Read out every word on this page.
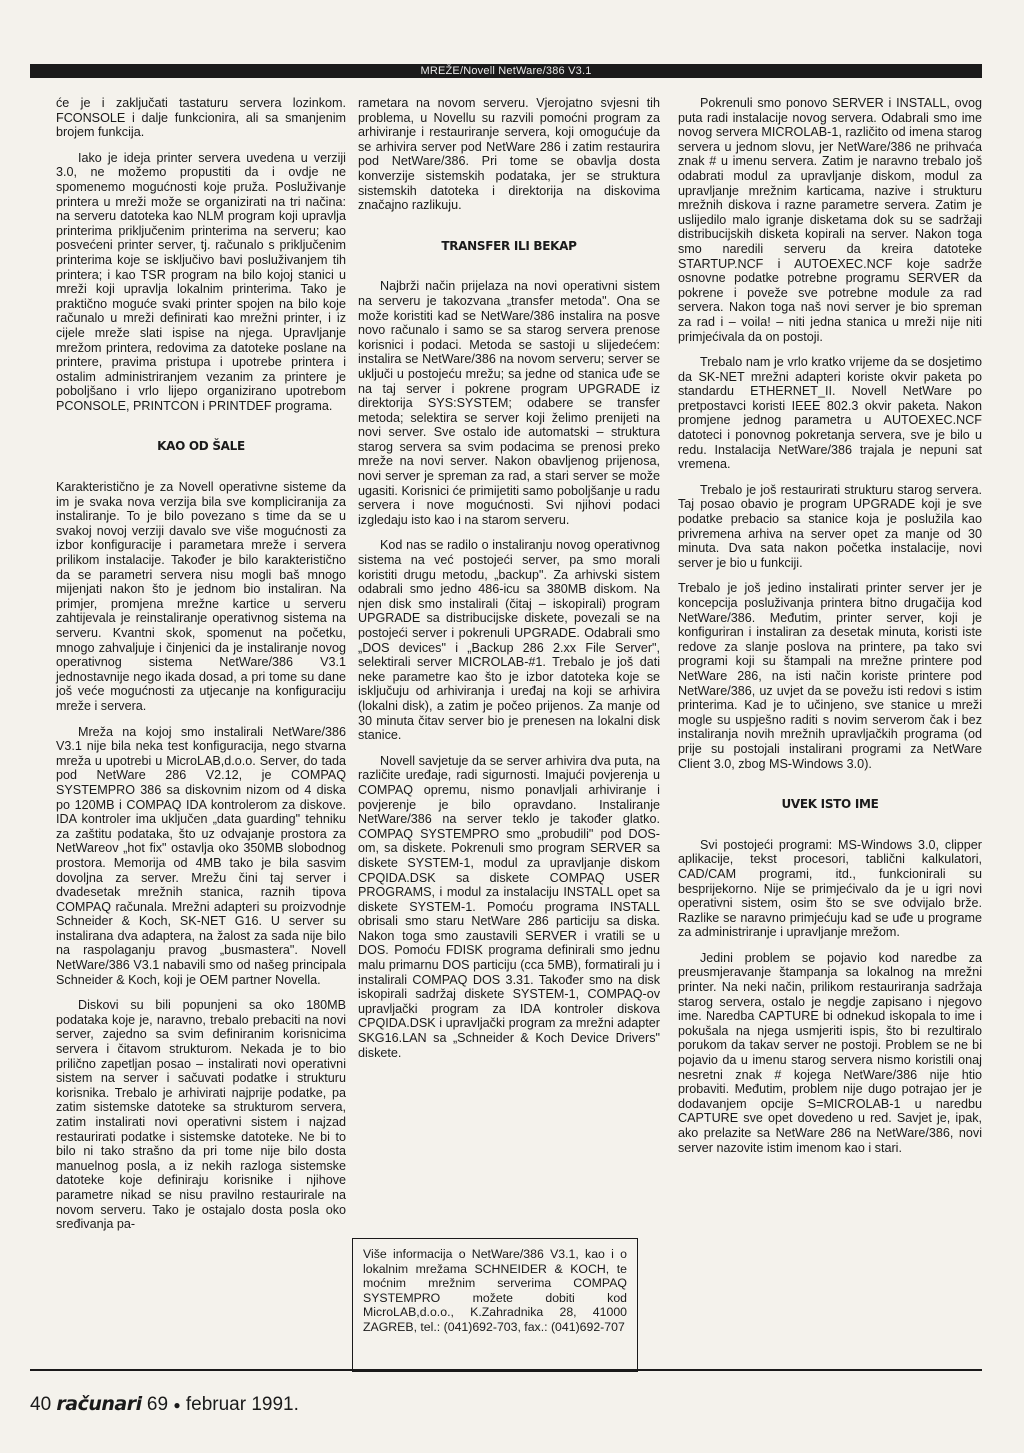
MREŽE/Novell NetWare/386 V3.1

će je i zaključati tastaturu servera lozinkom. FCONSOLE i dalje funkcionira, ali sa smanjenim brojem funkcija.

Iako je ideja printer servera uvedena u verziji 3.0, ne možemo propustiti da i ovdje ne spomenemo mogućnosti koje pruža. Posluživanje printera u mreži može se organizirati na tri načina: na serveru datoteka kao NLM program koji upravlja printerima priključenim printerima na serveru; kao posvećeni printer server, tj. računalo s priključenim printerima koje se isključivo bavi posluživanjem tih printera; i kao TSR program na bilo kojoj stanici u mreži koji upravlja lokalnim printerima. Tako je praktično moguće svaki printer spojen na bilo koje računalo u mreži definirati kao mrežni printer, i iz cijele mreže slati ispise na njega. Upravljanje mrežom printera, redovima za datoteke poslane na printere, pravima pristupa i upotrebe printera i ostalim administriranjem vezanim za printere je poboljšano i vrlo lijepo organizirano upotrebom PCONSOLE, PRINTCON i PRINTDEF programa.

KAO OD ŠALE

Karakteristično je za Novell operativne sisteme da im je svaka nova verzija bila sve kompliciranija za instaliranje. To je bilo povezano s time da se u svakoj novoj verziji davalo sve više mogućnosti za izbor konfiguracije i parametara mreže i servera prilikom instalacije. Također je bilo karakteristično da se parametri servera nisu mogli baš mnogo mijenjati nakon što je jednom bio instaliran. Na primjer, promjena mrežne kartice u serveru zahtijevala je reinstaliranje operativnog sistema na serveru. Kvantni skok, spomenut na početku, mnogo zahvaljuje i činjenici da je instaliranje novog operativnog sistema NetWare/386 V3.1 jednostavnije nego ikada dosad, a pri tome su dane još veće mogućnosti za utjecanje na konfiguraciju mreže i servera.

Mreža na kojoj smo instalirali NetWare/386 V3.1 nije bila neka test konfiguracija, nego stvarna mreža u upotrebi u MicroLAB,d.o.o. Server, do tada pod NetWare 286 V2.12, je COMPAQ SYSTEMPRO 386 sa diskovnim nizom od 4 diska po 120MB i COMPAQ IDA kontrolerom za diskove. IDA kontroler ima uključen „data guarding" tehniku za zaštitu podataka, što uz odvajanje prostora za NetWareov „hot fix" ostavlja oko 350MB slobodnog prostora. Memorija od 4MB tako je bila sasvim dovoljna za server. Mrežu čini taj server i dvadesetak mrežnih stanica, raznih tipova COMPAQ računala. Mrežni adapteri su proizvodnje Schneider & Koch, SK-NET G16. U server su instalirana dva adaptera, na žalost za sada nije bilo na raspolaganju pravog „busmastera". Novell NetWare/386 V3.1 nabavili smo od našeg principala Schneider & Koch, koji je OEM partner Novella.

Diskovi su bili popunjeni sa oko 180MB podataka koje je, naravno, trebalo prebaciti na novi server, zajedno sa svim definiranim korisnicima servera i čitavom strukturom. Nekada je to bio prilično zapetljan posao – instalirati novi operativni sistem na server i sačuvati podatke i strukturu korisnika. Trebalo je arhivirati najprije podatke, pa zatim sistemske datoteke sa strukturom servera, zatim instalirati novi operativni sistem i najzad restaurirati podatke i sistemske datoteke. Ne bi to bilo ni tako strašno da pri tome nije bilo dosta manuelnog posla, a iz nekih razloga sistemske datoteke koje definiraju korisnike i njihove parametre nikad se nisu pravilno restaurirale na novom serveru. Tako je ostajalo dosta posla oko sređivanja pa-

rametara na novom serveru. Vjerojatno svjesni tih problema, u Novellu su razvili pomoćni program za arhiviranje i restauriranje servera, koji omogućuje da se arhivira server pod NetWare 286 i zatim restaurira pod NetWare/386. Pri tome se obavlja dosta konverzije sistemskih podataka, jer se struktura sistemskih datoteka i direktorija na diskovima značajno razlikuju.

TRANSFER ILI BEKAP

Najbrži način prijelaza na novi operativni sistem na serveru je takozvana „transfer metoda". Ona se može koristiti kad se NetWare/386 instalira na posve novo računalo i samo se sa starog servera prenose korisnici i podaci. Metoda se sastoji u slijedećem: instalira se NetWare/386 na novom serveru; server se uključi u postojeću mrežu; sa jedne od stanica uđe se na taj server i pokrene program UPGRADE iz direktorija SYS:SYSTEM; odabere se transfer metoda; selektira se server koji želimo prenijeti na novi server. Sve ostalo ide automatski – struktura starog servera sa svim podacima se prenosi preko mreže na novi server. Nakon obavljenog prijenosa, novi server je spreman za rad, a stari server se može ugasiti. Korisnici će primijetiti samo poboljšanje u radu servera i nove mogućnosti. Svi njihovi podaci izgledaju isto kao i na starom serveru.

Kod nas se radilo o instaliranju novog operativnog sistema na već postojeći server, pa smo morali koristiti drugu metodu, „backup". Za arhivski sistem odabrali smo jedno 486-icu sa 380MB diskom. Na njen disk smo instalirali (čitaj – iskopirali) program UPGRADE sa distribucijske diskete, povezali se na postojeći server i pokrenuli UPGRADE. Odabrali smo „DOS devices" i „Backup 286 2.xx File Server", selektirali server MICROLAB-#1. Trebalo je još dati neke parametre kao što je izbor datoteka koje se isključuju od arhiviranja i uređaj na koji se arhivira (lokalni disk), a zatim je počeo prijenos. Za manje od 30 minuta čitav server bio je prenesen na lokalni disk stanice.

Novell savjetuje da se server arhivira dva puta, na različite uređaje, radi sigurnosti. Imajući povjerenja u COMPAQ opremu, nismo ponavljali arhiviranje i povjerenje je bilo opravdano. Instaliranje NetWare/386 na server teklo je također glatko. COMPAQ SYSTEMPRO smo „probudili" pod DOS-om, sa diskete. Pokrenuli smo program SERVER sa diskete SYSTEM-1, modul za upravljanje diskom CPQIDA.DSK sa diskete COMPAQ USER PROGRAMS, i modul za instalaciju INSTALL opet sa diskete SYSTEM-1. Pomoću programa INSTALL obrisali smo staru NetWare 286 particiju sa diska. Nakon toga smo zaustavili SERVER i vratili se u DOS. Pomoću FDISK programa definirali smo jednu malu primarnu DOS particiju (cca 5MB), formatirali ju i instalirali COMPAQ DOS 3.31. Također smo na disk iskopirali sadržaj diskete SYSTEM-1, COMPAQ-ov upravljački program za IDA kontroler diskova CPQIDA.DSK i upravljački program za mrežni adapter SKG16.LAN sa „Schneider & Koch Device Drivers" diskete.

Više informacija o NetWare/386 V3.1, kao i o lokalnim mrežama SCHNEIDER & KOCH, te moćnim mrežnim serverima COMPAQ SYSTEMPRO možete dobiti kod MicroLAB,d.o.o., K.Zahradnika 28, 41000 ZAGREB, tel.: (041)692-703, fax.: (041)692-707

Pokrenuli smo ponovo SERVER i INSTALL, ovog puta radi instalacije novog servera. Odabrali smo ime novog servera MICROLAB-1, različito od imena starog servera u jednom slovu, jer NetWare/386 ne prihvaća znak # u imenu servera. Zatim je naravno trebalo još odabrati modul za upravljanje diskom, modul za upravljanje mrežnim karticama, nazive i strukturu mrežnih diskova i razne parametre servera. Zatim je uslijedilo malo igranje disketama dok su se sadržaji distribucijskih disketa kopirali na server. Nakon toga smo naredili serveru da kreira datoteke STARTUP.NCF i AUTOEXEC.NCF koje sadrže osnovne podatke potrebne programu SERVER da pokrene i poveže sve potrebne module za rad servera. Nakon toga naš novi server je bio spreman za rad i – voila! – niti jedna stanica u mreži nije niti primjećivala da on postoji.

Trebalo nam je vrlo kratko vrijeme da se dosjetimo da SK-NET mrežni adapteri koriste okvir paketa po standardu ETHERNET_II. Novell NetWare po pretpostavci koristi IEEE 802.3 okvir paketa. Nakon promjene jednog parametra u AUTOEXEC.NCF datoteci i ponovnog pokretanja servera, sve je bilo u redu. Instalacija NetWare/386 trajala je nepuni sat vremena.

Trebalo je još restaurirati strukturu starog servera. Taj posao obavio je program UPGRADE koji je sve podatke prebacio sa stanice koja je poslužila kao privremena arhiva na server opet za manje od 30 minuta. Dva sata nakon početka instalacije, novi server je bio u funkciji.

Trebalo je još jedino instalirati printer server jer je koncepcija posluživanja printera bitno drugačija kod NetWare/386. Međutim, printer server, koji je konfiguriran i instaliran za desetak minuta, koristi iste redove za slanje poslova na printere, pa tako svi programi koji su štampali na mrežne printere pod NetWare 286, na isti način koriste printere pod NetWare/386, uz uvjet da se povežu isti redovi s istim printerima. Kad je to učinjeno, sve stanice u mreži mogle su uspješno raditi s novim serverom čak i bez instaliranja novih mrežnih upravljačkih programa (od prije su postojali instalirani programi za NetWare Client 3.0, zbog MS-Windows 3.0).

UVEK ISTO IME

Svi postojeći programi: MS-Windows 3.0, clipper aplikacije, tekst procesori, tablični kalkulatori, CAD/CAM programi, itd., funkcionirali su besprijekorno. Nije se primjećivalo da je u igri novi operativni sistem, osim što se sve odvijalo brže. Razlike se naravno primjećuju kad se uđe u programe za administriranje i upravljanje mrežom.

Jedini problem se pojavio kod naredbe za preusmjeravanje štampanja sa lokalnog na mrežni printer. Na neki način, prilikom restauriranja sadržaja starog servera, ostalo je negdje zapisano i njegovo ime. Naredba CAPTURE bi odnekud iskopala to ime i pokušala na njega usmjeriti ispis, što bi rezultiralo porukom da takav server ne postoji. Problem se ne bi pojavio da u imenu starog servera nismo koristili onaj nesretni znak # kojega NetWare/386 nije htio probaviti. Međutim, problem nije dugo potrajao jer je dodavanjem opcije S=MICROLAB-1 u naredbu CAPTURE sve opet dovedeno u red. Savjet je, ipak, ako prelazite sa NetWare 286 na NetWare/386, novi server nazovite istim imenom kao i stari.

40 računari 69 ● februar 1991.
